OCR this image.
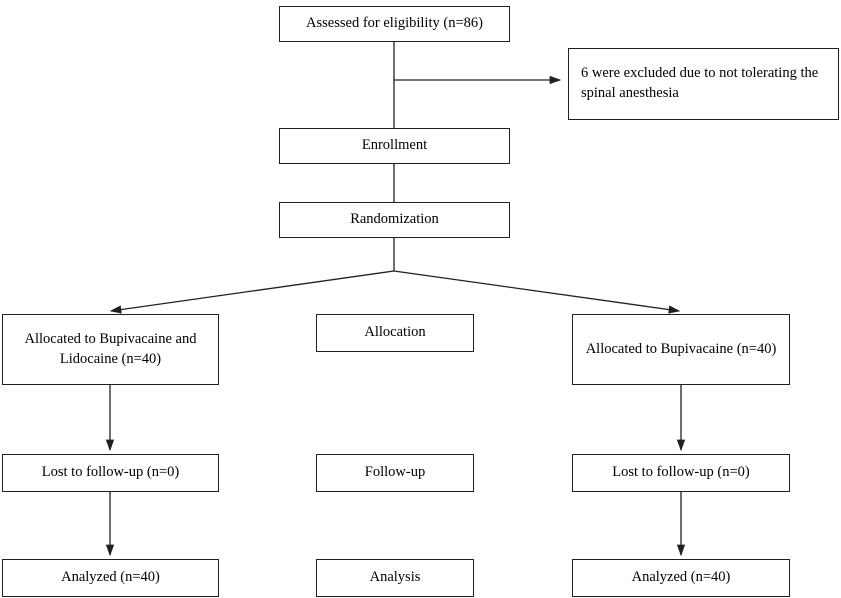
Assessed for eligibility (n=86)
6 were excluded due to not tolerating the spinal anesthesia
Enrollment
Randomization
Allocation
Allocated to Bupivacaine and Lidocaine (n=40)
Allocated to Bupivacaine (n=40)
Follow-up
Lost to follow-up (n=0)	Lost to follow-up (n=0)
Analysis
Analyzed (n=40)	Analyzed (n=40)
